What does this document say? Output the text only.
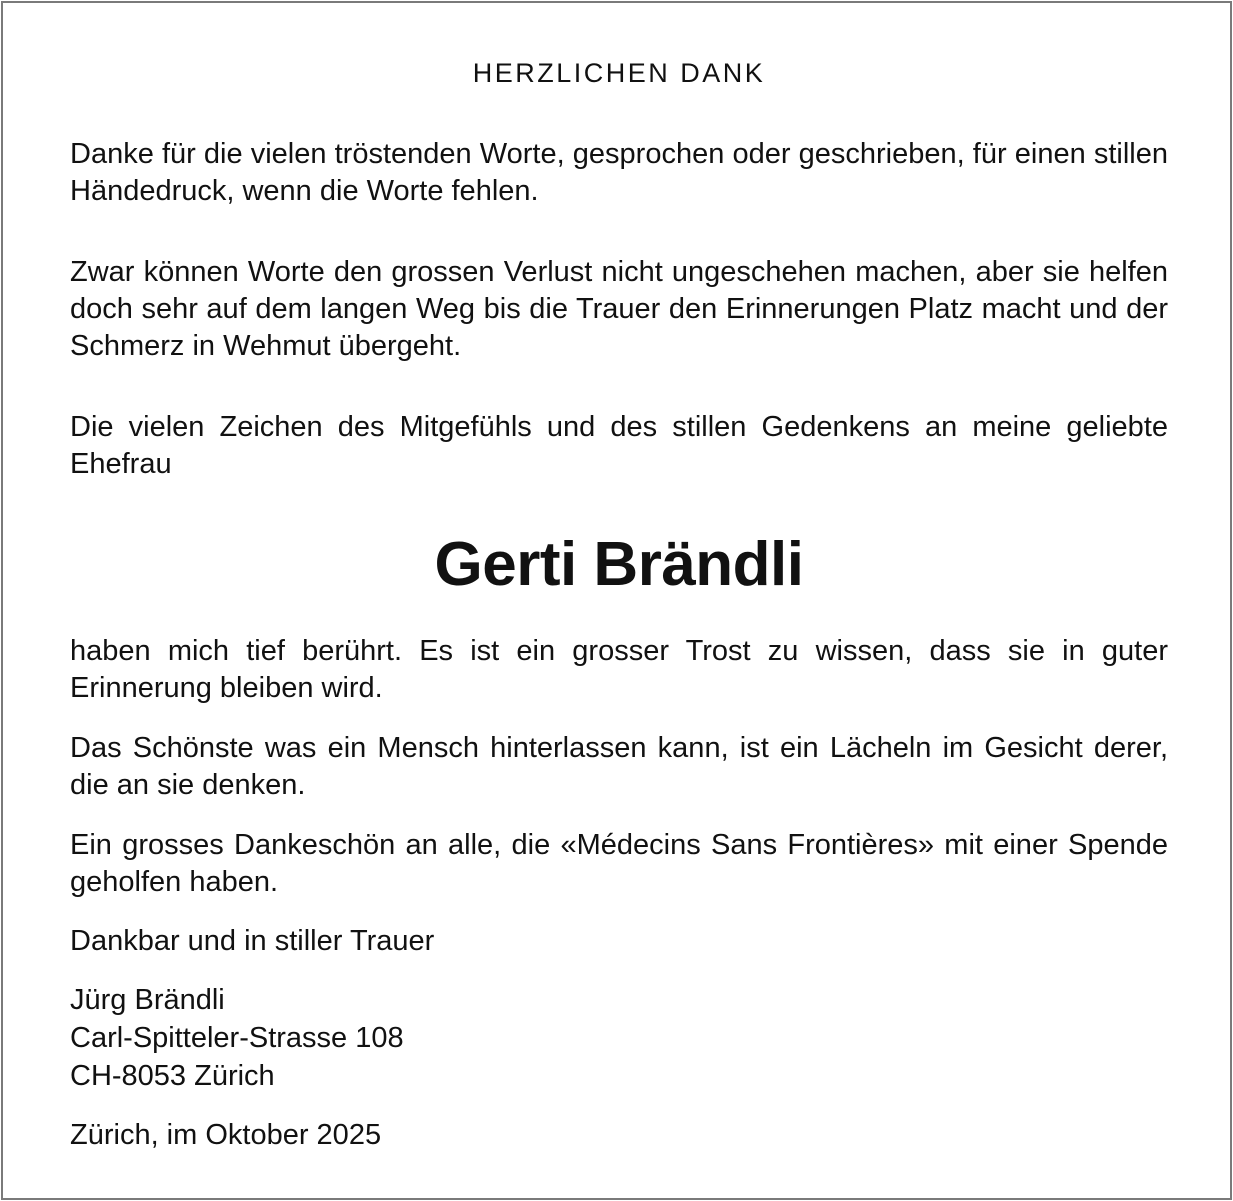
HERZLICHEN DANK

Danke für die vielen tröstenden Worte, gesprochen oder geschrieben, für einen stillen Händedruck, wenn die Worte fehlen.

Zwar können Worte den grossen Verlust nicht ungeschehen machen, aber sie helfen doch sehr auf dem langen Weg bis die Trauer den Erinnerungen Platz macht und der Schmerz in Wehmut übergeht.

Die vielen Zeichen des Mitgefühls und des stillen Gedenkens an meine geliebte Ehefrau

Gerti Brändli

haben mich tief berührt. Es ist ein grosser Trost zu wissen, dass sie in guter Erinnerung bleiben wird.

Das Schönste was ein Mensch hinterlassen kann, ist ein Lächeln im Gesicht derer, die an sie denken.

Ein grosses Dankeschön an alle, die «Médecins Sans Frontières» mit einer Spende geholfen haben.

Dankbar und in stiller Trauer
Jürg Brändli
Carl-Spitteler-Strasse 108
CH-8053 Zürich
Zürich, im Oktober 2025
